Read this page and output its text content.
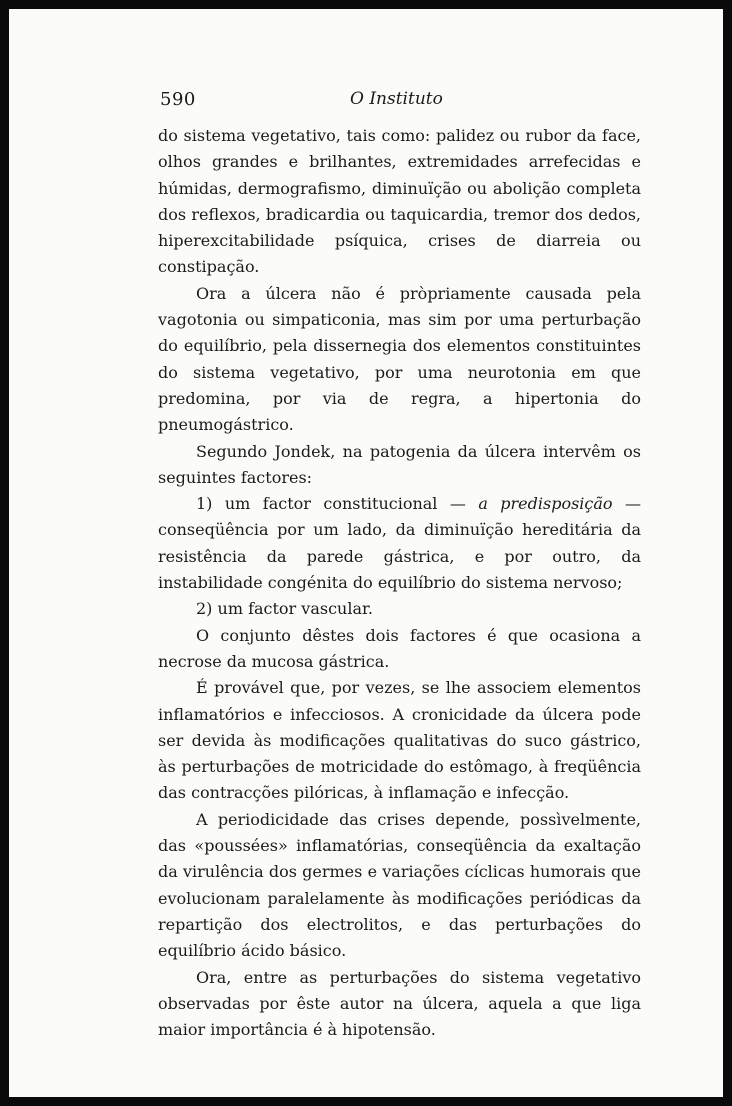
590	O Instituto

do sistema vegetativo, tais como: palidez ou rubor da face, olhos grandes e brilhantes, extremidades arrefecidas e húmidas, dermografismo, diminuïção ou abolição completa dos reflexos, bradicardia ou taquicardia, tremor dos dedos, hiperexcitabilidade psíquica, crises de diarreia ou constipação.

Ora a úlcera não é pròpriamente causada pela vagotonia ou simpaticonia, mas sim por uma perturbação do equilíbrio, pela dissernegia dos elementos constituintes do sistema vegetativo, por uma neurotonia em que predomina, por via de regra, a hipertonia do pneumogástrico.

Segundo Jondek, na patogenia da úlcera intervêm os seguintes factores:

1) um factor constitucional — a predisposição — conseqüência por um lado, da diminuïção hereditária da resistência da parede gástrica, e por outro, da instabilidade congénita do equilíbrio do sistema nervoso;

2) um factor vascular.

O conjunto dêstes dois factores é que ocasiona a necrose da mucosa gástrica.

É provável que, por vezes, se lhe associem elementos inflamatórios e infecciosos. A cronicidade da úlcera pode ser devida às modificações qualitativas do suco gástrico, às perturbações de motricidade do estômago, à freqüência das contracções pilóricas, à inflamação e infecção.

A periodicidade das crises depende, possìvelmente, das «poussées» inflamatórias, conseqüência da exaltação da virulência dos germes e variações cíclicas humorais que evolucionam paralelamente às modificações periódicas da repartição dos electrolitos, e das perturbações do equilíbrio ácido básico.

Ora, entre as perturbações do sistema vegetativo observadas por êste autor na úlcera, aquela a que liga maior importância é à hipotensão.
